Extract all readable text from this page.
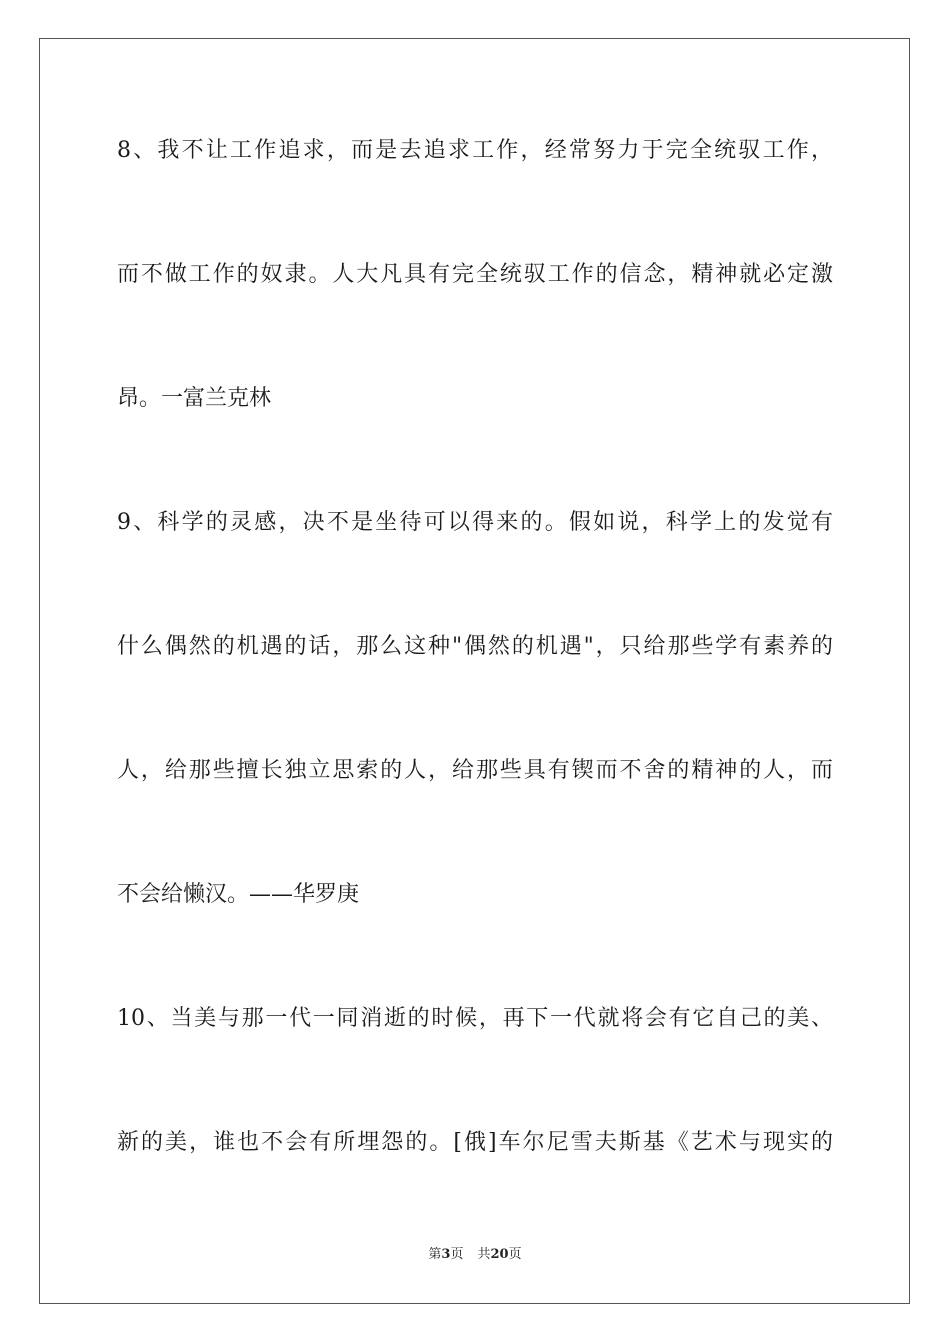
8、我不让工作追求，而是去追求工作，经常努力于完全统驭工作，
而不做工作的奴隶。人大凡具有完全统驭工作的信念，精神就必定激
昂。一富兰克林
9、科学的灵感，决不是坐待可以得来的。假如说，科学上的发觉有
什么偶然的机遇的话，那么这种"偶然的机遇"，只给那些学有素养的
人，给那些擅长独立思索的人，给那些具有锲而不舍的精神的人，而
不会给懒汉。——华罗庚
10、当美与那一代一同消逝的时候，再下一代就将会有它自己的美、
新的美，谁也不会有所埋怨的。[俄]车尔尼雪夫斯基《艺术与现实的
第3页 共20页
